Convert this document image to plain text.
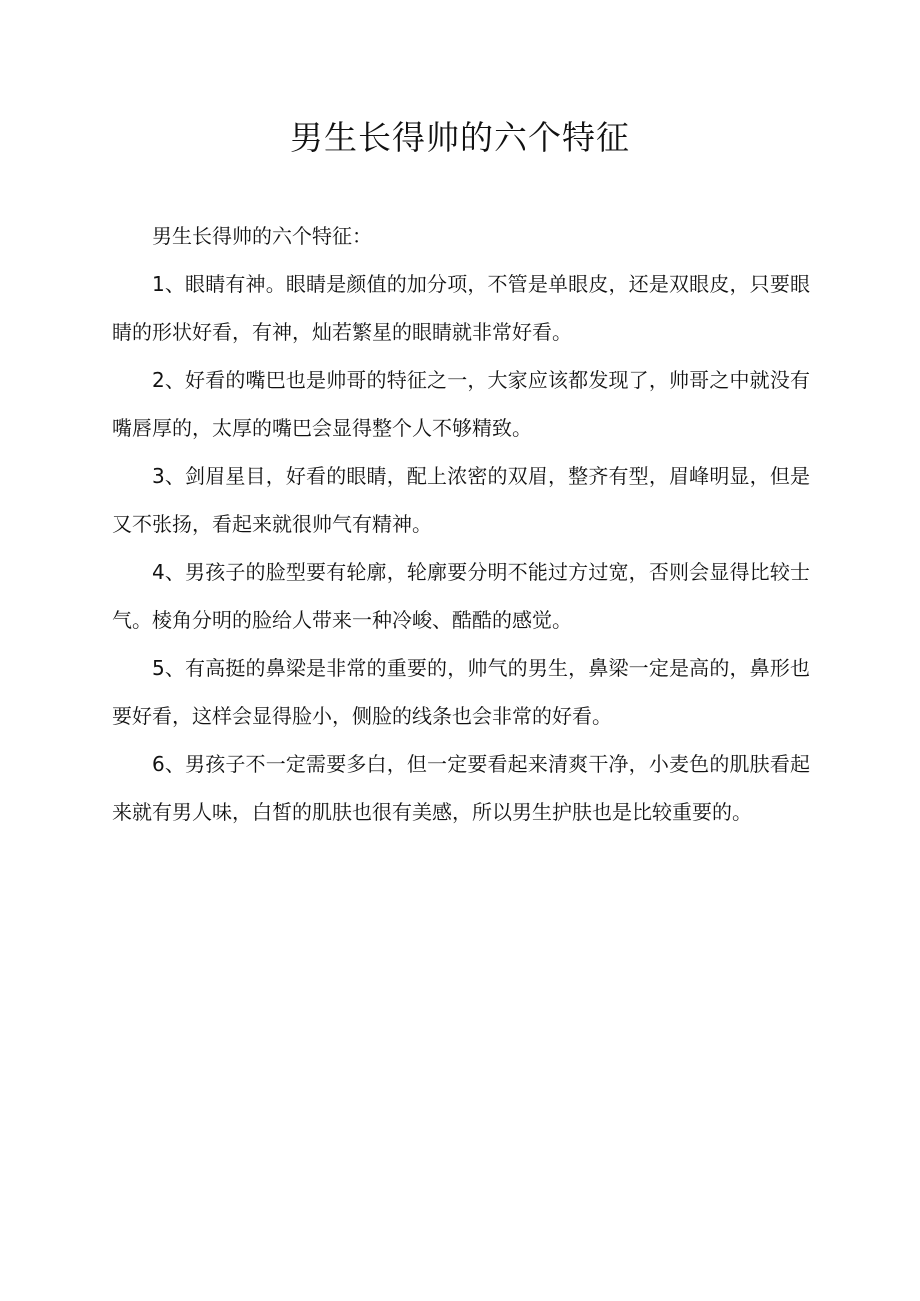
男生长得帅的六个特征

男生长得帅的六个特征：

1、眼睛有神。眼睛是颜值的加分项，不管是单眼皮，还是双眼皮，只要眼睛的形状好看，有神，灿若繁星的眼睛就非常好看。

2、好看的嘴巴也是帅哥的特征之一，大家应该都发现了，帅哥之中就没有嘴唇厚的，太厚的嘴巴会显得整个人不够精致。

3、剑眉星目，好看的眼睛，配上浓密的双眉，整齐有型，眉峰明显，但是又不张扬，看起来就很帅气有精神。

4、男孩子的脸型要有轮廓，轮廓要分明不能过方过宽，否则会显得比较士气。棱角分明的脸给人带来一种冷峻、酷酷的感觉。

5、有高挺的鼻梁是非常的重要的，帅气的男生，鼻梁一定是高的，鼻形也要好看，这样会显得脸小，侧脸的线条也会非常的好看。

6、男孩子不一定需要多白，但一定要看起来清爽干净，小麦色的肌肤看起来就有男人味，白皙的肌肤也很有美感，所以男生护肤也是比较重要的。
